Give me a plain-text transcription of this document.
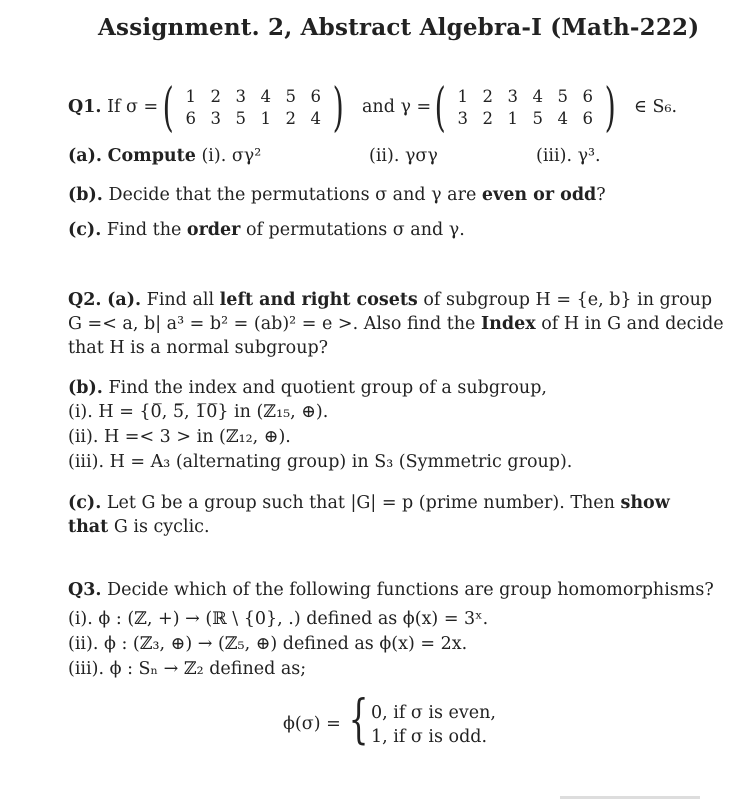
Assignment. 2, Abstract Algebra-I (Math-222)
Q1. If σ = ( 1 2 3 4 5 6
6 3 5 1 2 4 ) and γ = ( 1 2 3 4 5 6
3 2 1 5 4 6 ) ∈ S₆.
(a). Compute (i). σγ²	(ii). γσγ	(iii). γ³.
(b). Decide that the permutations σ and γ are even or odd?
(c). Find the order of permutations σ and γ.
Q2. (a). Find all left and right cosets of subgroup H = {e, b} in group
G =< a, b| a³ = b² = (ab)² = e >. Also find the Index of H in G and decide
that H is a normal subgroup?
(b). Find the index and quotient group of a subgroup,
(i). H = {0̅, 5̅, 1̅0̅} in (ℤ₁₅, ⊕).
(ii). H =< 3 > in (ℤ₁₂, ⊕).
(iii). H = A₃ (alternating group) in S₃ (Symmetric group).
(c). Let G be a group such that |G| = p (prime number). Then show
that G is cyclic.
Q3. Decide which of the following functions are group homomorphisms?
(i). ϕ : (ℤ, +) → (ℝ \ {0}, .) defined as ϕ(x) = 3ˣ.
(ii). ϕ : (ℤ₃, ⊕) → (ℤ₅, ⊕) defined as ϕ(x) = 2x.
(iii). ϕ : Sₙ → ℤ₂ defined as;
ϕ(σ) = { 0, if σ is even,
1, if σ is odd.
